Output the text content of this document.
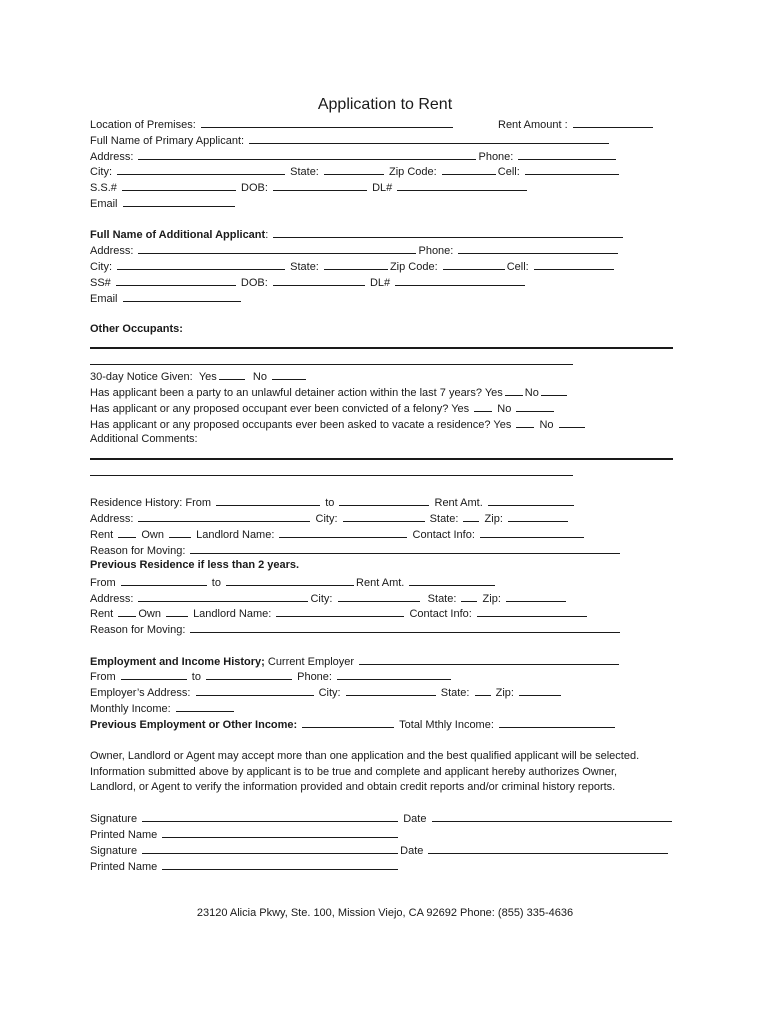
Application to Rent
Location of Premises:	Rent Amount :
Full Name of Primary Applicant:
Address:	Phone:
City:	State:	Zip Code:	Cell:
S.S.#	DOB:	DL#
Email
Full Name of Additional Applicant:
Address:	Phone:
City:	State:	Zip Code:	Cell:
SS#	DOB:	DL#
Email
Other Occupants:
30-day Notice Given: Yes	No
Has applicant been a party to an unlawful detainer action within the last 7 years? Yes No
Has applicant or any proposed occupant ever been convicted of a felony? Yes	No
Has applicant or any proposed occupants ever been asked to vacate a residence? Yes	No
Additional Comments:
Residence History: From	to	Rent Amt.
Address:	City:	State: Zip:
Rent	Own	Landlord Name:	Contact Info:
Reason for Moving:
Previous Residence if less than 2 years.
From	to	Rent Amt.
Address:	City:	State: Zip:
Rent Own	Landlord Name:	Contact Info:
Reason for Moving:
Employment and Income History; Current Employer
From	to	Phone:
Employer’s Address:	City:	State: Zip:
Monthly Income:
Previous Employment or Other Income:	Total Mthly Income:
Owner, Landlord or Agent may accept more than one application and the best qualified applicant will be selected.
Information submitted above by applicant is to be true and complete and applicant hereby authorizes Owner,
Landlord, or Agent to verify the information provided and obtain credit reports and/or criminal history reports.
Signature	Date
Printed Name
Signature	Date
Printed Name
23120 Alicia Pkwy, Ste. 100, Mission Viejo, CA 92692 Phone: (855) 335-4636
